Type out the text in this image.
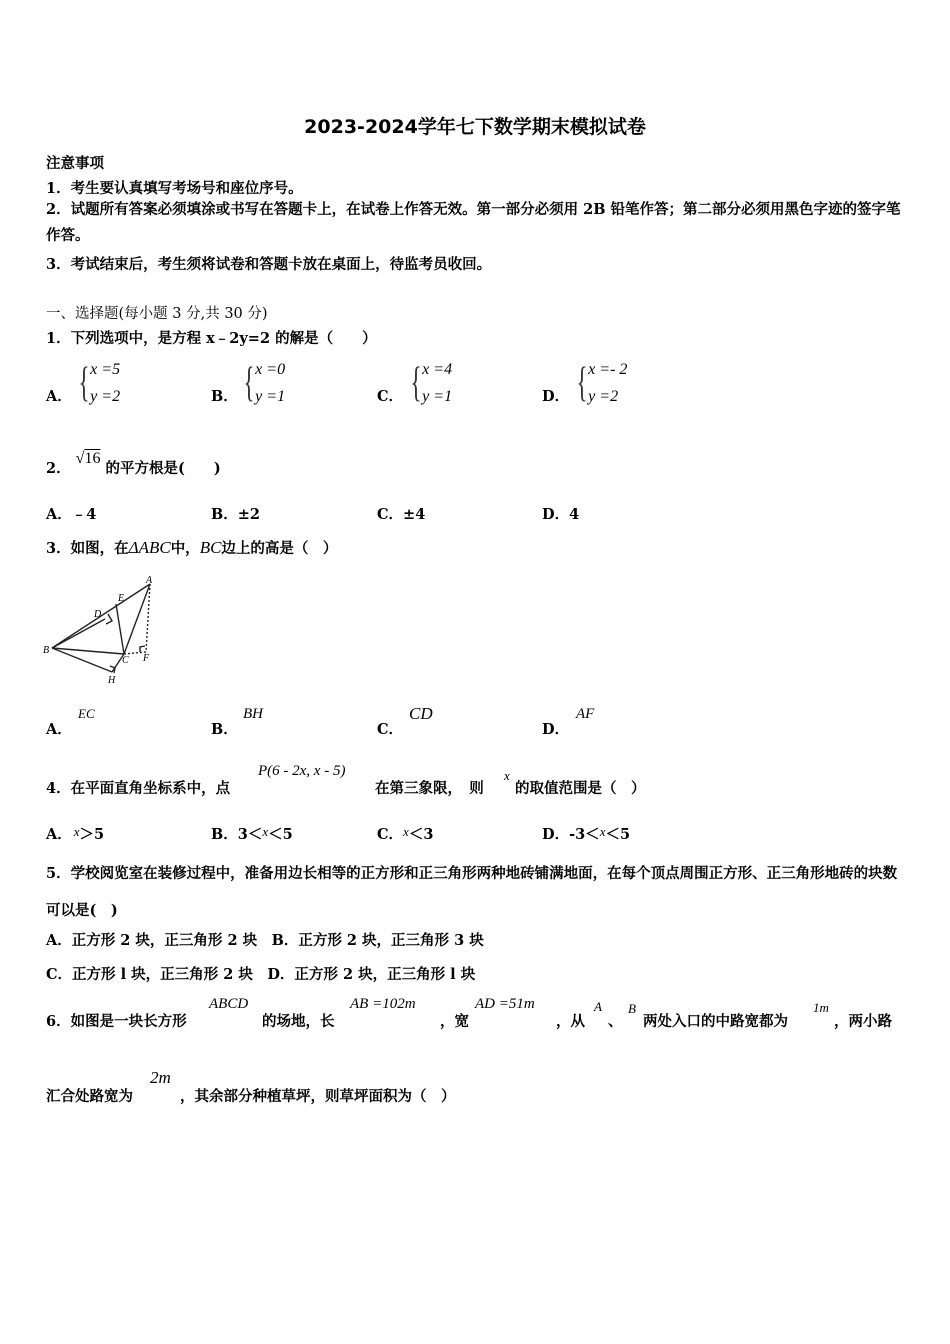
2023-2024学年七下数学期末模拟试卷
注意事项
1．考生要认真填写考场号和座位序号。
2．试题所有答案必须填涂或书写在答题卡上，在试卷上作答无效。第一部分必须用 2B 铅笔作答；第二部分必须用黑色字迹的签字笔作答。
3．考试结束后，考生须将试卷和答题卡放在桌面上，待监考员收回。
一、选择题(每小题 3 分,共 30 分)
1．下列选项中，是方程 x﹣2y=2 的解是（　　）
A． { x =5
y =2	B． { x =0
y =1	C． { x =4
y =1	D． { x =- 2
y =2
2． √16 的平方根是(　　)
A．﹣4	B．±2	C．±4	D．4
3．如图，在ΔABC中，BC边上的高是（　）
A
B
C
D
E
F
H
A．
EC
B．
BH
C．
CD
D．
AF
4．在平面直角坐标系中，点
P(6 - 2x, x - 5)
在第三象限，　则
x
的取值范围是（　）
A． x＞5	B．3＜x＜5	C．x＜3	D．-3＜x＜5
5．学校阅览室在装修过程中，准备用边长相等的正方形和正三角形两种地砖铺满地面，在每个顶点周围正方形、正三角形地砖的块数可以是(　)
A．正方形 2 块，正三角形 2 块　B．正方形 2 块，正三角形 3 块
C．正方形 l 块，正三角形 2 块　D．正方形 2 块，正三角形 l 块
6．如图是一块长方形
ABCD
的场地，长
AB =102m
，宽
AD =51m
，从
A
、
B
两处入口的中路宽都为
1m
，两小路
汇合处路宽为
2m
，其余部分种植草坪，则草坪面积为（　）
